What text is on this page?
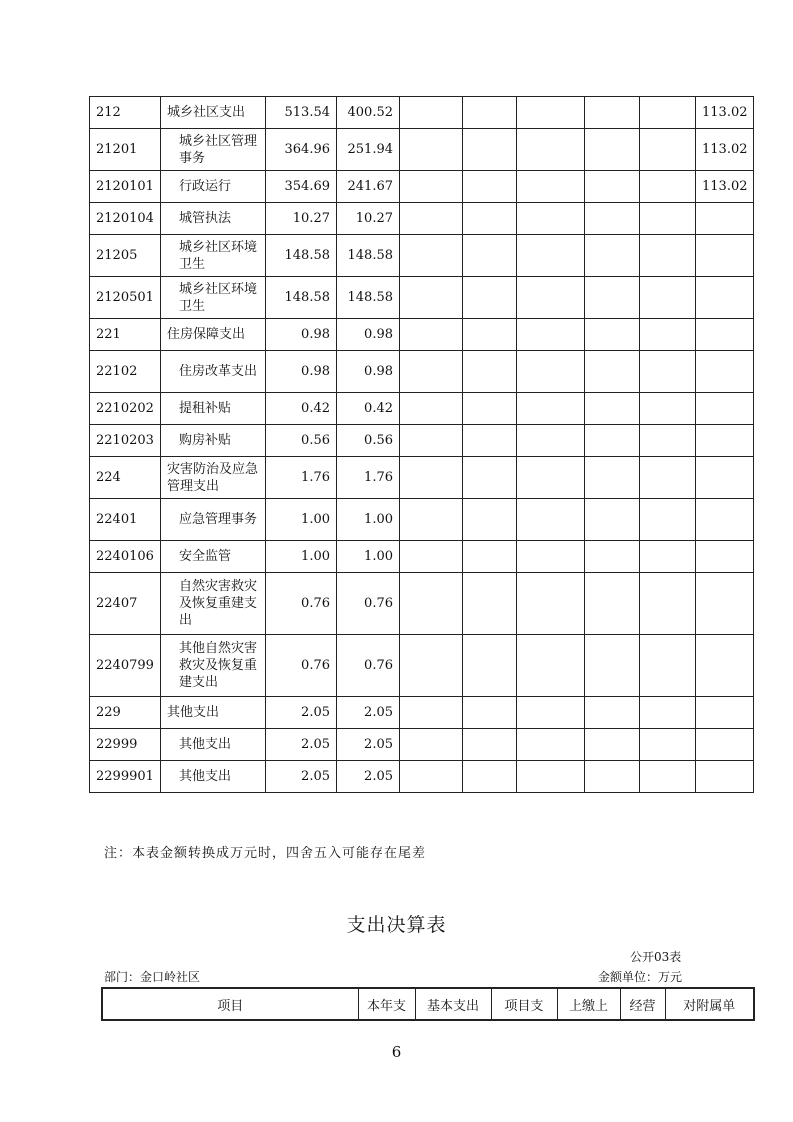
212	城乡社区支出	513.54	400.52						113.02
21201	城乡社区管理事务	364.96	251.94						113.02
2120101	行政运行	354.69	241.67						113.02
2120104	城管执法	10.27	10.27						
21205	城乡社区环境卫生	148.58	148.58						
2120501	城乡社区环境卫生	148.58	148.58						
221	住房保障支出	0.98	0.98						
22102	住房改革支出	0.98	0.98						
2210202	提租补贴	0.42	0.42						
2210203	购房补贴	0.56	0.56						
224	灾害防治及应急管理支出	1.76	1.76						
22401	应急管理事务	1.00	1.00						
2240106	安全监管	1.00	1.00						
22407	自然灾害救灾及恢复重建支出	0.76	0.76						
2240799	其他自然灾害救灾及恢复重建支出	0.76	0.76						
229	其他支出	2.05	2.05						
22999	其他支出	2.05	2.05						
2299901	其他支出	2.05	2.05						
注：本表金额转换成万元时，四舍五入可能存在尾差
支出决算表
公开03表
部门：金口岭社区	金额单位：万元
项目	本年支	基本支出	项目支	上缴上	经营	对附属单
6
